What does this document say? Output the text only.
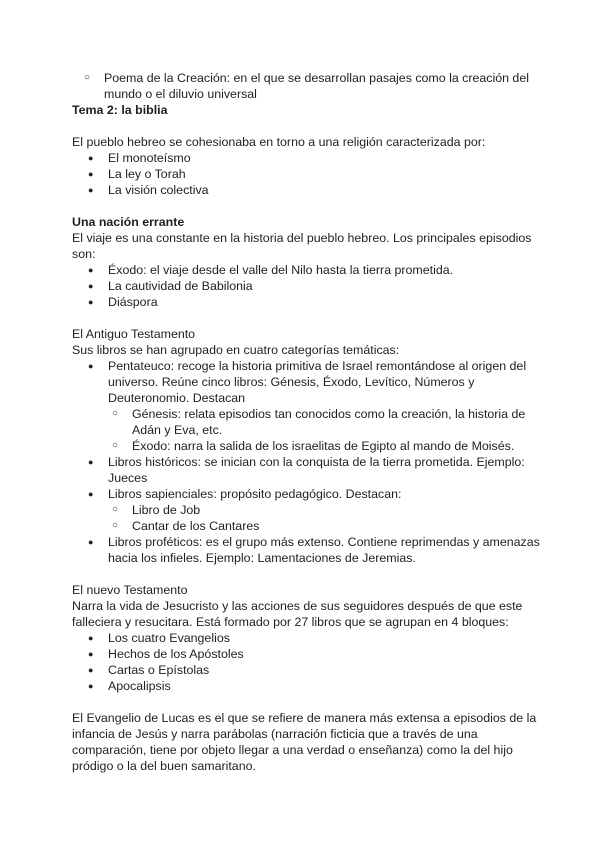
○ Poema de la Creación: en el que se desarrollan pasajes como la creación del mundo o el diluvio universal

Tema 2: la biblia

El pueblo hebreo se cohesionaba en torno a una religión caracterizada por:

● El monoteísmo
● La ley o Torah
● La visión colectiva

Una nación errante

El viaje es una constante en la historia del pueblo hebreo. Los principales episodios son:

● Éxodo: el viaje desde el valle del Nilo hasta la tierra prometida.
● La cautividad de Babilonia
● Diáspora

El Antiguo Testamento

Sus libros se han agrupado en cuatro categorías temáticas:

● Pentateuco: recoge la historia primitiva de Israel remontándose al origen del universo. Reúne cinco libros: Génesis, Éxodo, Levítico, Números y Deuteronomio. Destacan
○ Génesis: relata episodios tan conocidos como la creación, la historia de Adán y Eva, etc.
○ Éxodo: narra la salida de los israelitas de Egipto al mando de Moisés.
● Libros históricos: se inician con la conquista de la tierra prometida. Ejemplo: Jueces
● Libros sapienciales: propósito pedagógico. Destacan:
○ Libro de Job
○ Cantar de los Cantares
● Libros proféticos: es el grupo más extenso. Contiene reprimendas y amenazas hacia los infieles. Ejemplo: Lamentaciones de Jeremias.

El nuevo Testamento

Narra la vida de Jesucristo y las acciones de sus seguidores después de que este falleciera y resucitara. Está formado por 27 libros que se agrupan en 4 bloques:

● Los cuatro Evangelios
● Hechos de los Apóstoles
● Cartas o Epístolas
● Apocalipsis

El Evangelio de Lucas es el que se refiere de manera más extensa a episodios de la infancia de Jesús y narra parábolas (narración ficticia que a través de una comparación, tiene por objeto llegar a una verdad o enseñanza) como la del hijo pródigo o la del buen samaritano.
